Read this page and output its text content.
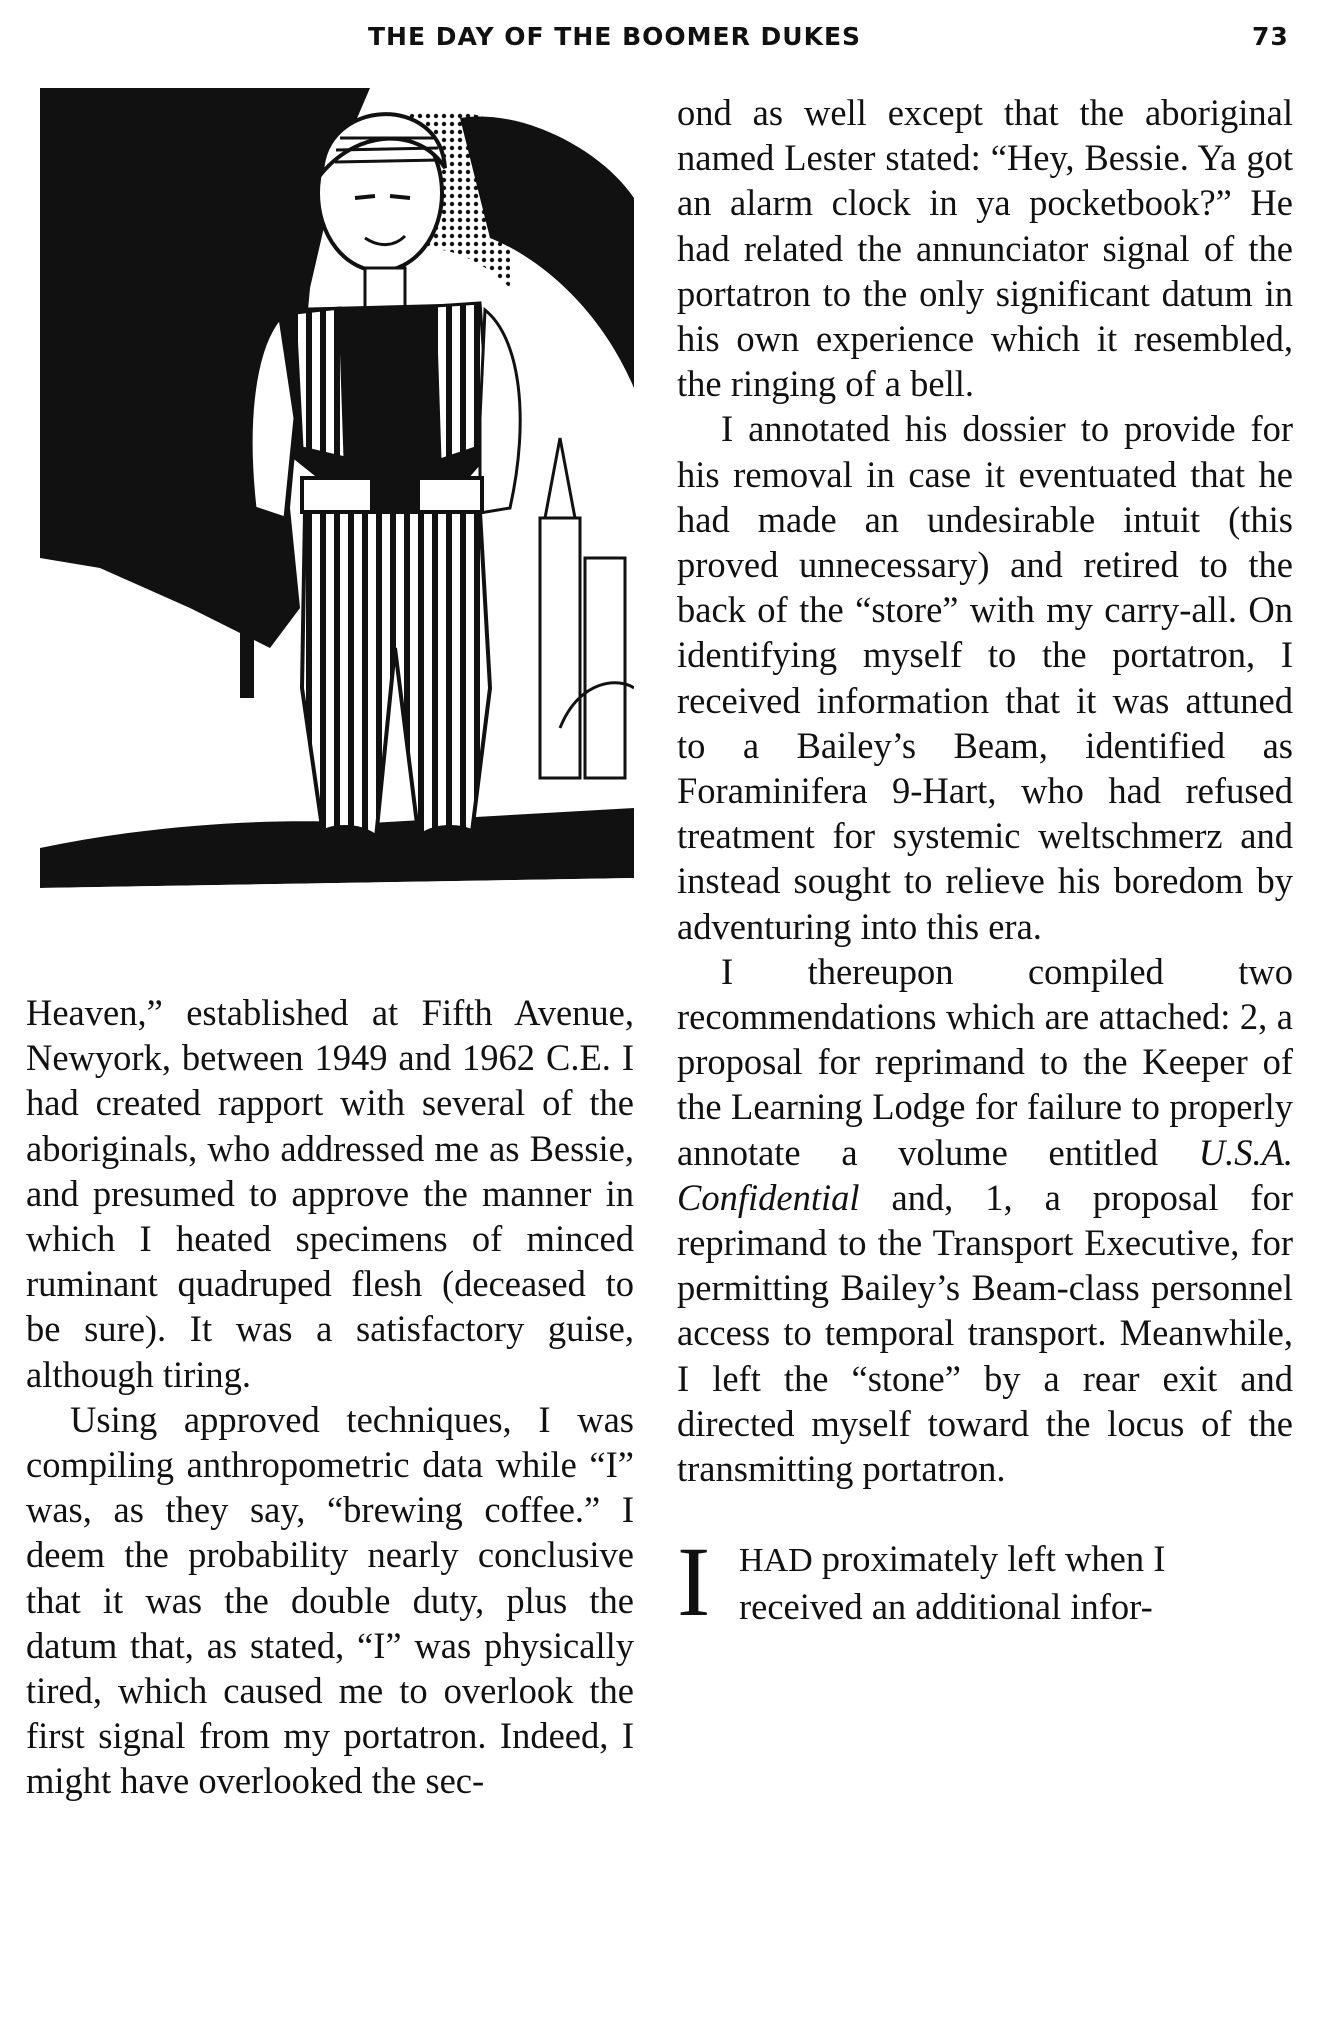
THE DAY OF THE BOOMER DUKES	73

Heaven,” established at Fifth Avenue, Newyork, between 1949 and 1962 C.E. I had created rapport with several of the aboriginals, who addressed me as Bessie, and presumed to approve the manner in which I heated specimens of minced ruminant quadruped flesh (deceased to be sure). It was a satisfactory guise, although tiring.

Using approved techniques, I was compiling anthropometric data while “I” was, as they say, “brewing coffee.” I deem the probability nearly conclusive that it was the double duty, plus the datum that, as stated, “I” was physically tired, which caused me to overlook the first signal from my portatron. Indeed, I might have overlooked the sec-

ond as well except that the aboriginal named Lester stated: “Hey, Bessie. Ya got an alarm clock in ya pocketbook?” He had related the annunciator signal of the portatron to the only significant datum in his own experience which it resembled, the ringing of a bell.

I annotated his dossier to provide for his removal in case it eventuated that he had made an undesirable intuit (this proved unnecessary) and retired to the back of the “store” with my carry-all. On identifying myself to the portatron, I received information that it was attuned to a Bailey’s Beam, identified as Foraminifera 9-Hart, who had refused treatment for systemic weltschmerz and instead sought to relieve his boredom by adventuring into this era.

I thereupon compiled two recommendations which are attached: 2, a proposal for reprimand to the Keeper of the Learning Lodge for failure to properly annotate a volume entitled U.S.A. Confidential and, 1, a proposal for reprimand to the Transport Executive, for permitting Bailey’s Beam-class personnel access to temporal transport. Meanwhile, I left the “stone” by a rear exit and directed myself toward the locus of the transmitting portatron.

I HAD proximately left when I received an additional infor-
